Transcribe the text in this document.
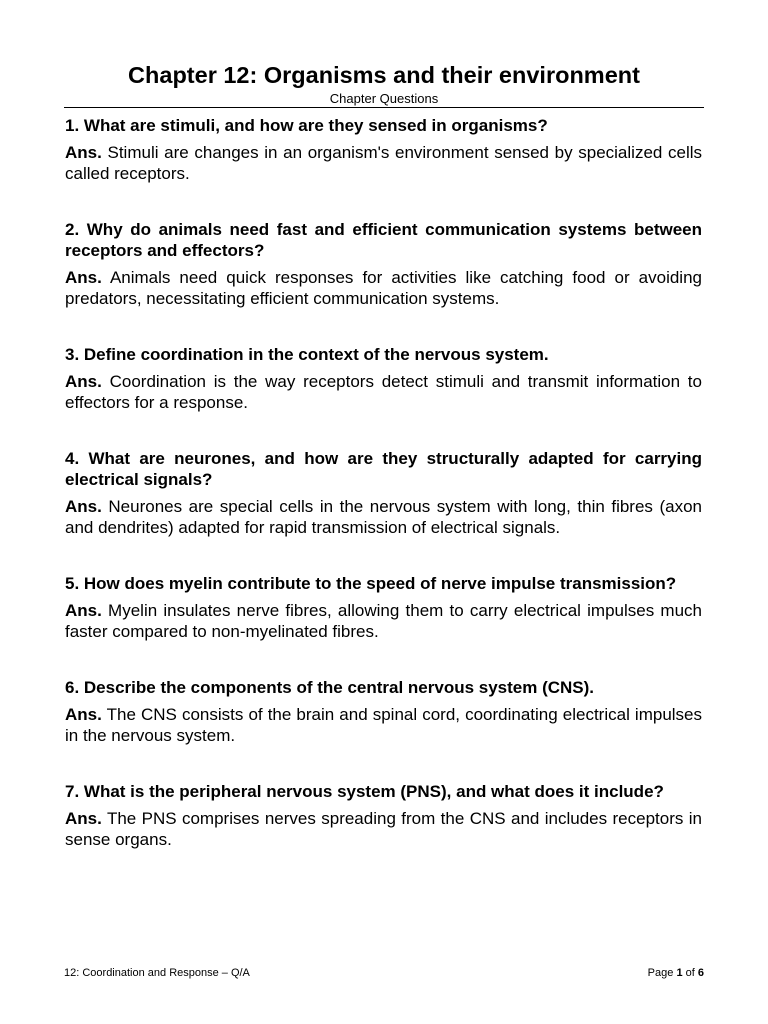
Chapter 12: Organisms and their environment
Chapter Questions

1. What are stimuli, and how are they sensed in organisms?

Ans. Stimuli are changes in an organism's environment sensed by specialized cells called receptors.

2. Why do animals need fast and efficient communication systems between receptors and effectors?

Ans. Animals need quick responses for activities like catching food or avoiding predators, necessitating efficient communication systems.

3. Define coordination in the context of the nervous system.

Ans. Coordination is the way receptors detect stimuli and transmit information to effectors for a response.

4. What are neurones, and how are they structurally adapted for carrying electrical signals?

Ans. Neurones are special cells in the nervous system with long, thin fibres (axon and dendrites) adapted for rapid transmission of electrical signals.

5. How does myelin contribute to the speed of nerve impulse transmission?

Ans. Myelin insulates nerve fibres, allowing them to carry electrical impulses much faster compared to non-myelinated fibres.

6. Describe the components of the central nervous system (CNS).

Ans. The CNS consists of the brain and spinal cord, coordinating electrical impulses in the nervous system.

7. What is the peripheral nervous system (PNS), and what does it include?

Ans. The PNS comprises nerves spreading from the CNS and includes receptors in sense organs.

12: Coordination and Response – Q/A	Page 1 of 6
